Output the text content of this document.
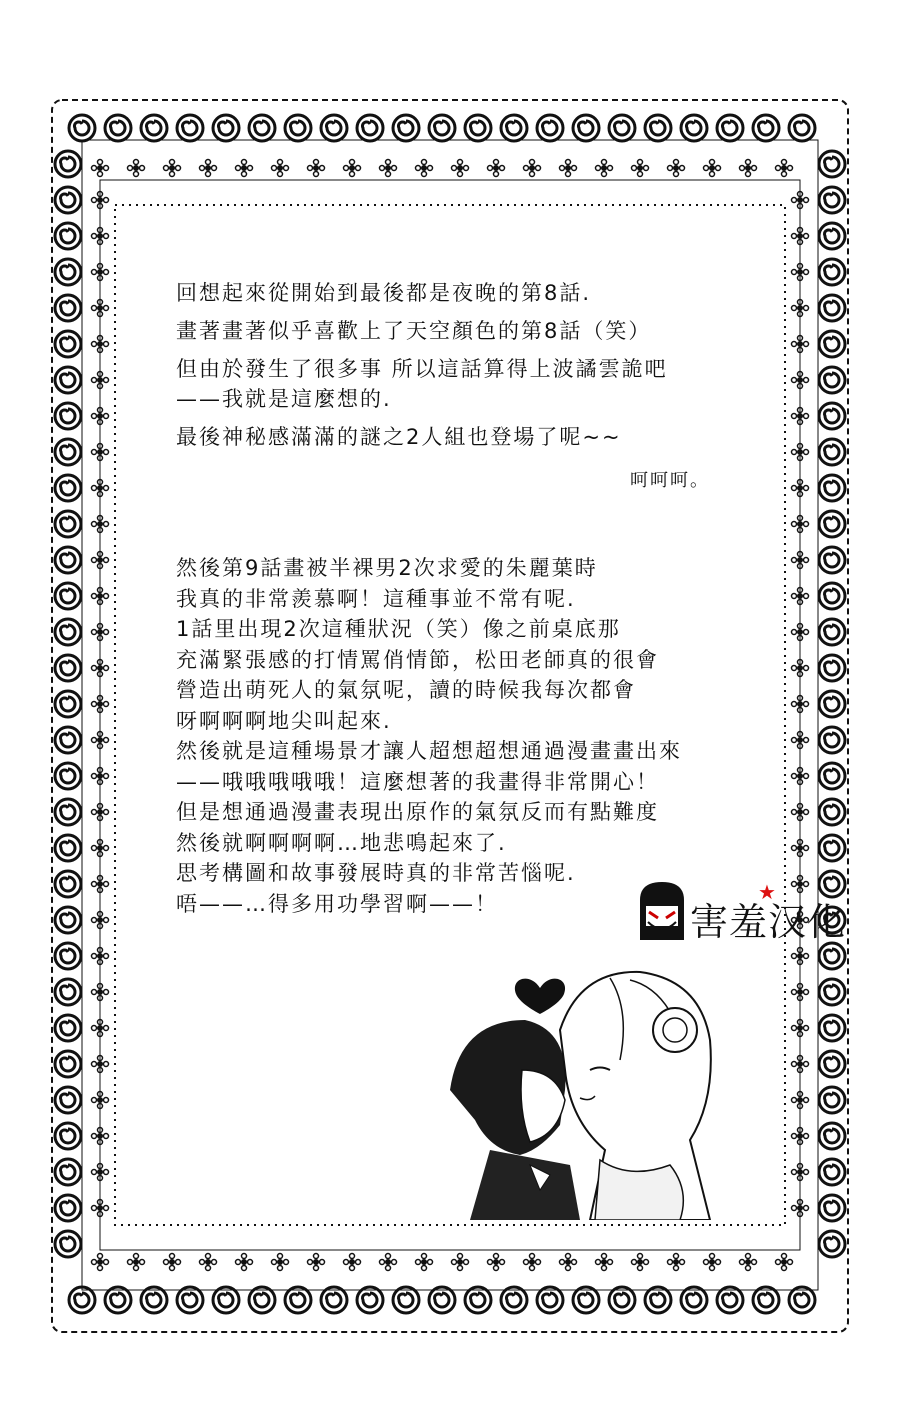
回想起來從開始到最後都是夜晚的第8話.
畫著畫著似乎喜歡上了天空顏色的第8話（笑）
但由於發生了很多事 所以這話算得上波譎雲詭吧
——我就是這麼想的.
最後神秘感滿滿的謎之2人組也登場了呢~~
呵呵呵。
然後第9話畫被半裸男2次求愛的朱麗葉時
我真的非常羨慕啊！這種事並不常有呢.
1話里出現2次這種狀況（笑）像之前桌底那
充滿緊張感的打情罵俏情節，松田老師真的很會
營造出萌死人的氣氛呢，讀的時候我每次都會
呀啊啊啊地尖叫起來.
然後就是這種場景才讓人超想超想通過漫畫畫出來
——哦哦哦哦哦！這麼想著的我畫得非常開心！
但是想通過漫畫表現出原作的氣氛反而有點難度
然後就啊啊啊啊…地悲鳴起來了.
思考構圖和故事發展時真的非常苦惱呢.
唔——…得多用功學習啊——！	★
害羞汉化
